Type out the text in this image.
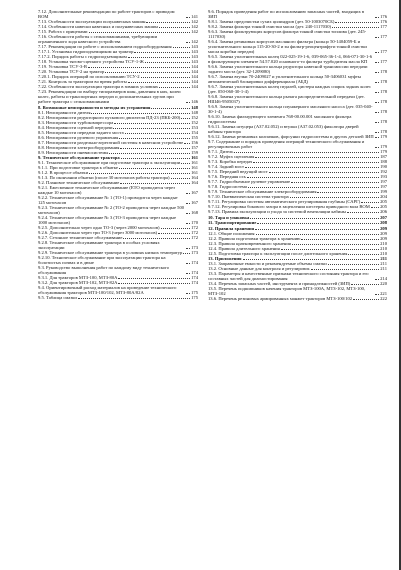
7.12. Дополнительные рекомендации по работе тракторов с приводом ВОМ	141
7.13. Особенности эксплуатации полунавесных машин	142
7.14. Особенности навески навесных и полунавесных машин	142
7.15. Работа с прицепами	142
7.16. Особенности работы с сельхозмашинами, требующими ограниченного хода навесного устройства	142
7.17. Рекомендации по работе с использованием гидрооборудования	143
7.17.1. Установка гидроподъемщиком на трактор	143
7.17.2. Порядок работы с гидроподъемщиком	143
7.18. Установка тягово-сцепного устройства ТСУ-1-Ж	143
7.19. Установка ТСУ-3-В	144
7.20. Установка ТСУ-2 на трактор	144
7.20.1. Порядок операций по использованию ТСУ-2	144
7.21. Контроль за трактором во время работы	144
7.22. Особенности эксплуатации трактора в зимних условиях	144
7.23. Рекомендации по выбору типоразмеров шин, давления в них, колеи колес, работы и транспортных передач и дополнительных грузов при работе трактора с сельхозмашинами	146
8. Возможные неисправности и методы их устранения	148
8.1. Неисправности дизеля	148
8.2. Неисправности редукторного пускового двигателя ПД-23 (ПКБ-200) 152
8.3. Неисправности турбокомпрессора	152
8.4. Неисправности сцепной передачи	153
8.5. Неисправности передачи заднего моста	154
8.6. Неисправности рулевого управления	155
8.7. Неисправности раздельно-агрегатной системы в навесном устройстве 156
8.8. Неисправности электрооборудования	157
8.9. Неисправности пневмосистемы	159
9. Техническое обслуживание трактора	161
9.1. Техническое обслуживание при подготовке трактора к эксплуатации 161
9.1.1. При подготовке трактора к обкатке	161
9.1.2. В процессе обкатки	161
9.1.3. По окончании обкатки (после 30 моточасов работы трактора)	164
9.2. Плановое техническое обслуживание	164
9.2.1. Ежесменное техническое обслуживание (ЕТО проводится через каждые 10 моточасов)	167
9.2.2. Техническое обслуживание № 1 (ТО-1) проводится через каждые 125 моточасов	167
9.2.3. Техническое обслуживание № 2 (ТО-2 проводится через каждые 500 моточасов)	168
9.2.4. Техническое обслуживание № 3 (ТО-3 проводится через каждые 1000 моточасов)	170
9.2.5. Дополнительно через одно ТО-3 (через 2000 моточасов)	172
9.2.6. Дополнительно через три ТО-3 (через 3000 моточасов)	172
9.2.7. Сезонное техническое обслуживание	172
9.2.8. Техническое обслуживание трактора в особых условиях эксплуатации	173
9.2.9. Техническое обслуживание трактора в условиях низких температур 173
9.2.10. Техническое обслуживание при эксплуатации трактора на болотистых почвах и в дюне	174
9.3. Руководство выполнения работ по каждому виду технического обслуживания	174
9.3.1. Для тракторов МТЗ-100, МТЗ-80А	174
9.3.2. Для тракторов МТЗ-102, МТЗ-82А	174
9.4. Ориентировочный расход материалов на проведение технического обслуживания тракторов МТЗ-100/102, МТЗ-80А/82А	175
9.5. Таблица смазки	175
9.6. Порядок проведения работ по использованию запасных частей, входящих в ЗИП	176
9.8.1. Замена предочистки сухих цилиндров (дет. 50-1003070СБ)	176
9.8.2. Замена фильтра тонкой очистки масла (дет. 240-1117030)	177
9.6.3. Замена фильтрующих корпусов фильтра тонкой очистки топлива (дет. 245-1117030)	177
9.6.4. Замена резиновых корпусов масляного фильтра (кольцо 50-1404059-Б и уплотнительного кольца 115-20-30-2 и эн фильтр-реоцентрифуги тонкой очистки масла коробки передач)	177
9.6.5. Замена уплотнительных колец 022-025-19-1-6, 039-065-36-1-4, 066-071-30-1-6 в фильтрующем элементе 54.57.020 основного-то фильтра турбодизеля масла КП	177
9.6.6. Замена уплотнительного кольца редуктора навесной трансмиссии передачи заднего моста (дет. 32-1209080)	178
9.6.7. Замена втулки 70-2409027 и уплотнительного кольца 50-3406031 муфты автоматической блокировки дифференциала (АБД)	178
9.6.7. Замена уплотнительных колец педалей, цистерн каждых спарок задних колес (дет. 050-060-30-1-4)	178
9.6.8. Замена уплотнительного кольца рычага распределительной передачи (дет. НШ46-9505037)	178
9.6.9. Замена уплотнительного кольца плунжерного масляного насоса (дет. 035-040-30-1-4)	178
9.6.10. Замена фильтрующего элемента 768-00.00.001 масляного фильтра гидросистемы	178
9.6.11. Замена штуцера (А37.02.052) и втулки (А37.02.053) фиксатора дверей кабины трактора	178
9.6.12. Замена резиновых колпачков, форсунки гидросистемы и других деталей ЗИП 179
9.7. Содержание и порядок проведения операций технического обслуживания и регулировочных работ	179
9.7.1. Дизель	179
9.7.2. Муфта сцепления	187
9.7.3. Коробка передач	188
9.7.4. Задний мост	190
9.7.5. Передний ведущий мост	192
9.7.6. Передняя ось	193
9.7.7. Гидрообъемное рулевое управление	197
9.7.8. Гидросистема	197
9.7.9. Техническое обслуживание электрооборудования	199
9.7.10. Пневматическая система трактора	204
9.7.11. Регулировка системы автоматического регулирования глубины (САРГ)	205
9.7.12. Регулировка бокового зазора в зацеплении шестерен приводного вала ВОМ 205
9.7.13. Правила эксплуатации и ухода за системой вентиляции кабины	206
10. Тара и упаковка	207
11. Транспортирование	208
12. Правила хранения	209
12.1. Общие положения	209
12.2. Правила подготовки трактора к хранению	209
12.3. Правила кратковременного хранения	210
12.4. Правила длительного хранения	210
12.5. Подготовка трактора к эксплуатации после длительного хранения	210
13. Приложения	211
13.1. Заправочные емкости и рекомендуемые объемы смазки	211
13.2. Основные данные для контроля и регулировок	211
13.3. Параметры и качественные признаки технического состояния трактора и его составных частей для диагностирования	214
13.4. Перечень запасных частей, инструмента и принадлежностей (ЗИП)	220
13.5. Перечень подшипников качения тракторов МТЗ-100А, МТЗ-102, МТЗ-100, МТЗ-102	221
13.6. Перечень резиновых армированных манжет тракторов МТЗ-100/102	222
